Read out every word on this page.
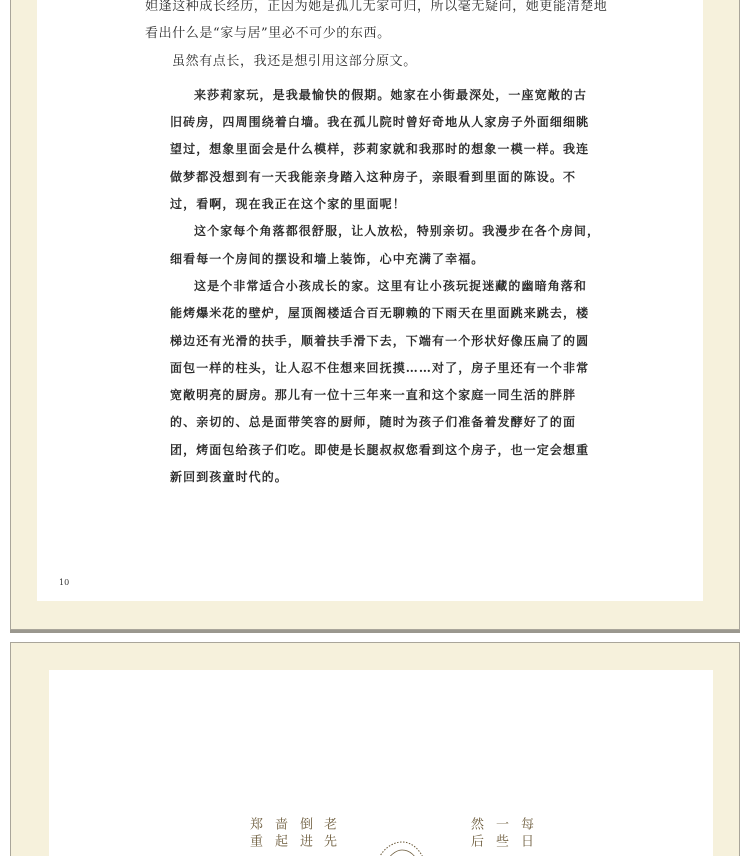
妲逢这种成长经历，正因为她是孤儿无家可归，所以毫无疑问，她更能清楚地
看出什么是“家与居”里必不可少的东西。
虽然有点长，我还是想引用这部分原文。
来莎莉家玩，是我最愉快的假期。她家在小街最深处，一座宽敞的古
旧砖房，四周围绕着白墙。我在孤儿院时曾好奇地从人家房子外面细细眺
望过，想象里面会是什么模样，莎莉家就和我那时的想象一模一样。我连
做梦都没想到有一天我能亲身踏入这种房子，亲眼看到里面的陈设。不
过，看啊，现在我正在这个家的里面呢！
这个家每个角落都很舒服，让人放松，特别亲切。我漫步在各个房间，
细看每一个房间的摆设和墙上装饰，心中充满了幸福。
这是个非常适合小孩成长的家。这里有让小孩玩捉迷藏的幽暗角落和
能烤爆米花的壁炉，屋顶阁楼适合百无聊赖的下雨天在里面跳来跳去，楼
梯边还有光滑的扶手，顺着扶手滑下去，下端有一个形状好像压扁了的圆
面包一样的柱头，让人忍不住想来回抚摸……对了，房子里还有一个非常
宽敞明亮的厨房。那儿有一位十三年来一直和这个家庭一同生活的胖胖
的、亲切的、总是面带笑容的厨师，随时为孩子们准备着发酵好了的面
团，烤面包给孩子们吃。即使是长腿叔叔您看到这个房子，也一定会想重
新回到孩童时代的。
10
老先
倒进
啬起
郑重	每日
一些
然后
